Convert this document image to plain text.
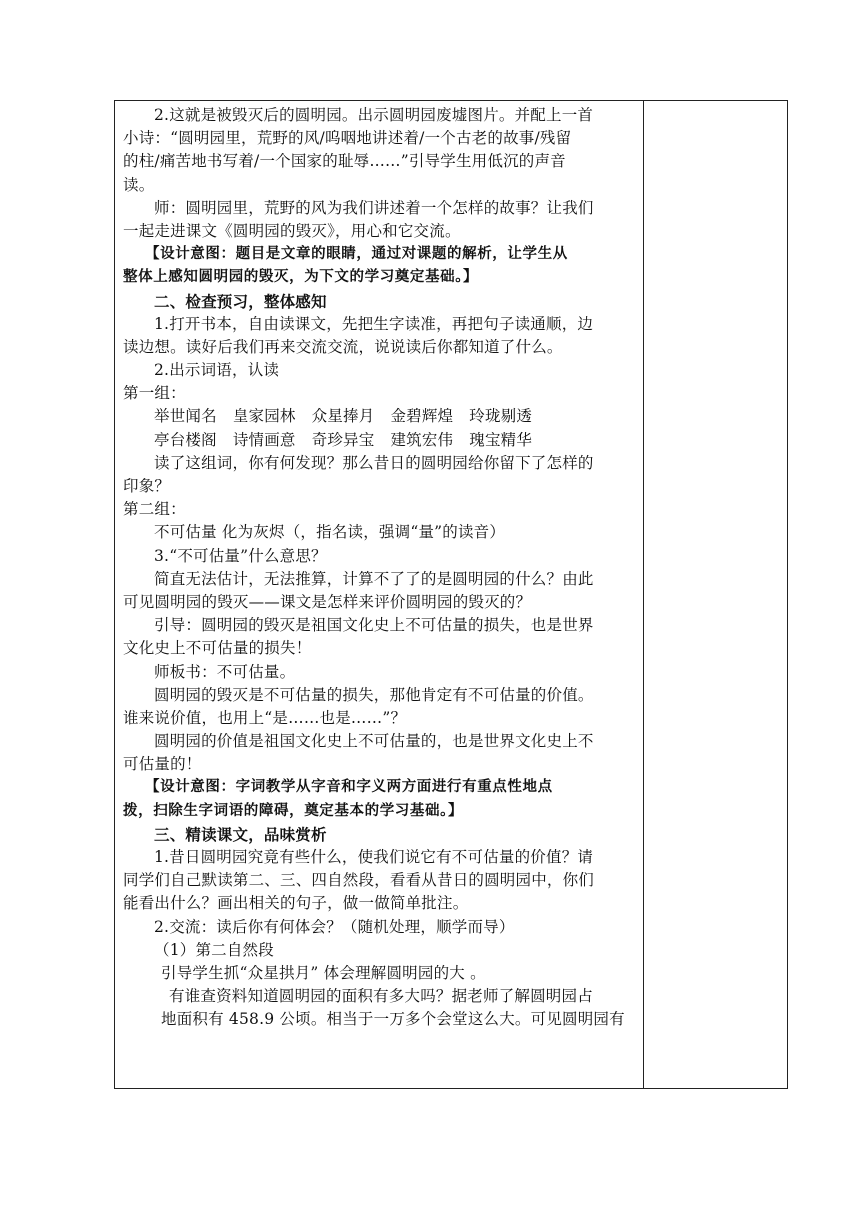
2.这就是被毁灭后的圆明园。出示圆明园废墟图片。并配上一首
小诗：“圆明园里，荒野的风/呜咽地讲述着/一个古老的故事/残留
的柱/痛苦地书写着/一个国家的耻辱……”引导学生用低沉的声音
读。
师：圆明园里，荒野的风为我们讲述着一个怎样的故事？让我们
一起走进课文《圆明园的毁灭》，用心和它交流。
【设计意图：题目是文章的眼睛，通过对课题的解析，让学生从
整体上感知圆明园的毁灭，为下文的学习奠定基础。】
二、检查预习，整体感知
1.打开书本，自由读课文，先把生字读准，再把句子读通顺，边
读边想。读好后我们再来交流交流，说说读后你都知道了什么。
2.出示词语，认读
第一组：
举世闻名 皇家园林 众星捧月 金碧辉煌 玲珑剔透
亭台楼阁 诗情画意 奇珍异宝 建筑宏伟 瑰宝精华
读了这组词，你有何发现？那么昔日的圆明园给你留下了怎样的
印象？
第二组：
不可估量 化为灰烬（，指名读，强调“量”的读音）
3.“不可估量”什么意思？
简直无法估计，无法推算，计算不了了的是圆明园的什么？由此
可见圆明园的毁灭——课文是怎样来评价圆明园的毁灭的？
引导：圆明园的毁灭是祖国文化史上不可估量的损失，也是世界
文化史上不可估量的损失！
师板书：不可估量。
圆明园的毁灭是不可估量的损失，那他肯定有不可估量的价值。
谁来说价值，也用上“是……也是……”？
圆明园的价值是祖国文化史上不可估量的，也是世界文化史上不
可估量的！
【设计意图：字词教学从字音和字义两方面进行有重点性地点
拨，扫除生字词语的障碍，奠定基本的学习基础。】
三、精读课文，品味赏析
1.昔日圆明园究竟有些什么，使我们说它有不可估量的价值？请
同学们自己默读第二、三、四自然段，看看从昔日的圆明园中，你们
能看出什么？画出相关的句子，做一做简单批注。
2.交流：读后你有何体会？（随机处理，顺学而导）
（1）第二自然段
引导学生抓“众星拱月” 体会理解圆明园的大 。
有谁查资料知道圆明园的面积有多大吗？据老师了解圆明园占
地面积有 458.9 公顷。相当于一万多个会堂这么大。可见圆明园有
